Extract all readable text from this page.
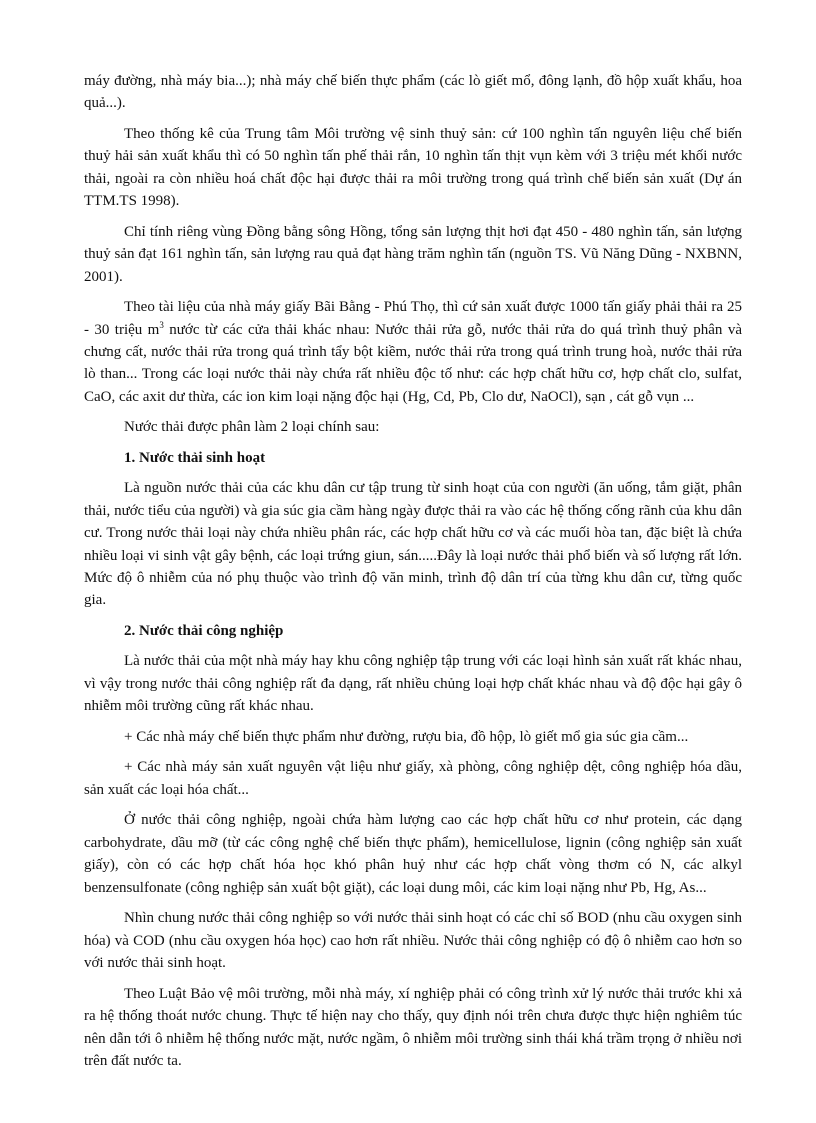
máy đường, nhà máy bia...); nhà máy chế biến thực phẩm (các lò giết mổ, đông lạnh, đồ hộp xuất khẩu, hoa quả...).

Theo thống kê của Trung tâm Môi trường vệ sinh thuỷ sản: cứ 100 nghìn tấn nguyên liệu chế biến thuỷ hải sản xuất khẩu thì có 50 nghìn tấn phế thải rắn, 10 nghìn tấn thịt vụn kèm với 3 triệu mét khối nước thải, ngoài ra còn nhiều hoá chất độc hại được thải ra môi trường trong quá trình chế biến sản xuất (Dự án TTM.TS 1998).

Chỉ tính riêng vùng Đồng bằng sông Hồng, tổng sản lượng thịt hơi đạt 450 - 480 nghìn tấn, sản lượng thuỷ sản đạt 161 nghìn tấn, sản lượng rau quả đạt hàng trăm nghìn tấn (nguồn TS. Vũ Năng Dũng - NXBNN, 2001).

Theo tài liệu của nhà máy giấy Bãi Bằng - Phú Thọ, thì cứ sản xuất được 1000 tấn giấy phải thải ra 25 - 30 triệu $m^3$ nước từ các cửa thải khác nhau: Nước thải rửa gỗ, nước thải rửa do quá trình thuỷ phân và chưng cất, nước thải rửa trong quá trình tẩy bột kiềm, nước thải rửa trong quá trình trung hoà, nước thải rửa lò than... Trong các loại nước thải này chứa rất nhiều độc tố như: các hợp chất hữu cơ, hợp chất clo, sulfat, CaO, các axit dư thừa, các ion kim loại nặng độc hại (Hg, Cd, Pb, Clo dư, NaOCl), sạn , cát gỗ vụn ...

Nước thải được phân làm 2 loại chính sau:

1. Nước thải sinh hoạt

Là nguồn nước thải của các khu dân cư tập trung từ sinh hoạt của con người (ăn uống, tắm giặt, phân thải, nước tiểu của người) và gia súc gia cầm hàng ngày được thải ra vào các hệ thống cống rãnh của khu dân cư. Trong nước thải loại này chứa nhiều phân rác, các hợp chất hữu cơ và các muối hòa tan, đặc biệt là chứa nhiều loại vi sinh vật gây bệnh, các loại trứng giun, sán.....Đây là loại nước thải phổ biến và số lượng rất lớn. Mức độ ô nhiễm của nó phụ thuộc vào trình độ văn minh, trình độ dân trí của từng khu dân cư, từng quốc gia.

2. Nước thải công nghiệp

Là nước thải của một nhà máy hay khu công nghiệp tập trung với các loại hình sản xuất rất khác nhau, vì vậy trong nước thải công nghiệp rất đa dạng, rất nhiều chủng loại hợp chất khác nhau và độ độc hại gây ô nhiễm môi trường cũng rất khác nhau.

+ Các nhà máy chế biến thực phẩm như đường, rượu bia, đồ hộp, lò giết mổ gia súc gia cầm...

+ Các nhà máy sản xuất nguyên vật liệu như giấy, xà phòng, công nghiệp dệt, công nghiệp hóa dầu, sản xuất các loại hóa chất...

Ở nước thải công nghiệp, ngoài chứa hàm lượng cao các hợp chất hữu cơ như protein, các dạng carbohydrate, dầu mỡ (từ các công nghệ chế biến thực phẩm), hemicellulose, lignin (công nghiệp sản xuất giấy), còn có các hợp chất hóa học khó phân huỷ như các hợp chất vòng thơm có N, các alkyl benzensulfonate (công nghiệp sản xuất bột giặt), các loại dung môi, các kim loại nặng như Pb, Hg, As...

Nhìn chung nước thải công nghiệp so với nước thải sinh hoạt có các chỉ số BOD (nhu cầu oxygen sinh hóa) và COD (nhu cầu oxygen hóa học) cao hơn rất nhiều. Nước thải công nghiệp có độ ô nhiễm cao hơn so với nước thải sinh hoạt.

Theo Luật Bảo vệ môi trường, mỗi nhà máy, xí nghiệp phải có công trình xử lý nước thải trước khi xả ra hệ thống thoát nước chung. Thực tế hiện nay cho thấy, quy định nói trên chưa được thực hiện nghiêm túc nên dẫn tới ô nhiễm hệ thống nước mặt, nước ngầm, ô nhiễm môi trường sinh thái khá trầm trọng ở nhiều nơi trên đất nước ta.
